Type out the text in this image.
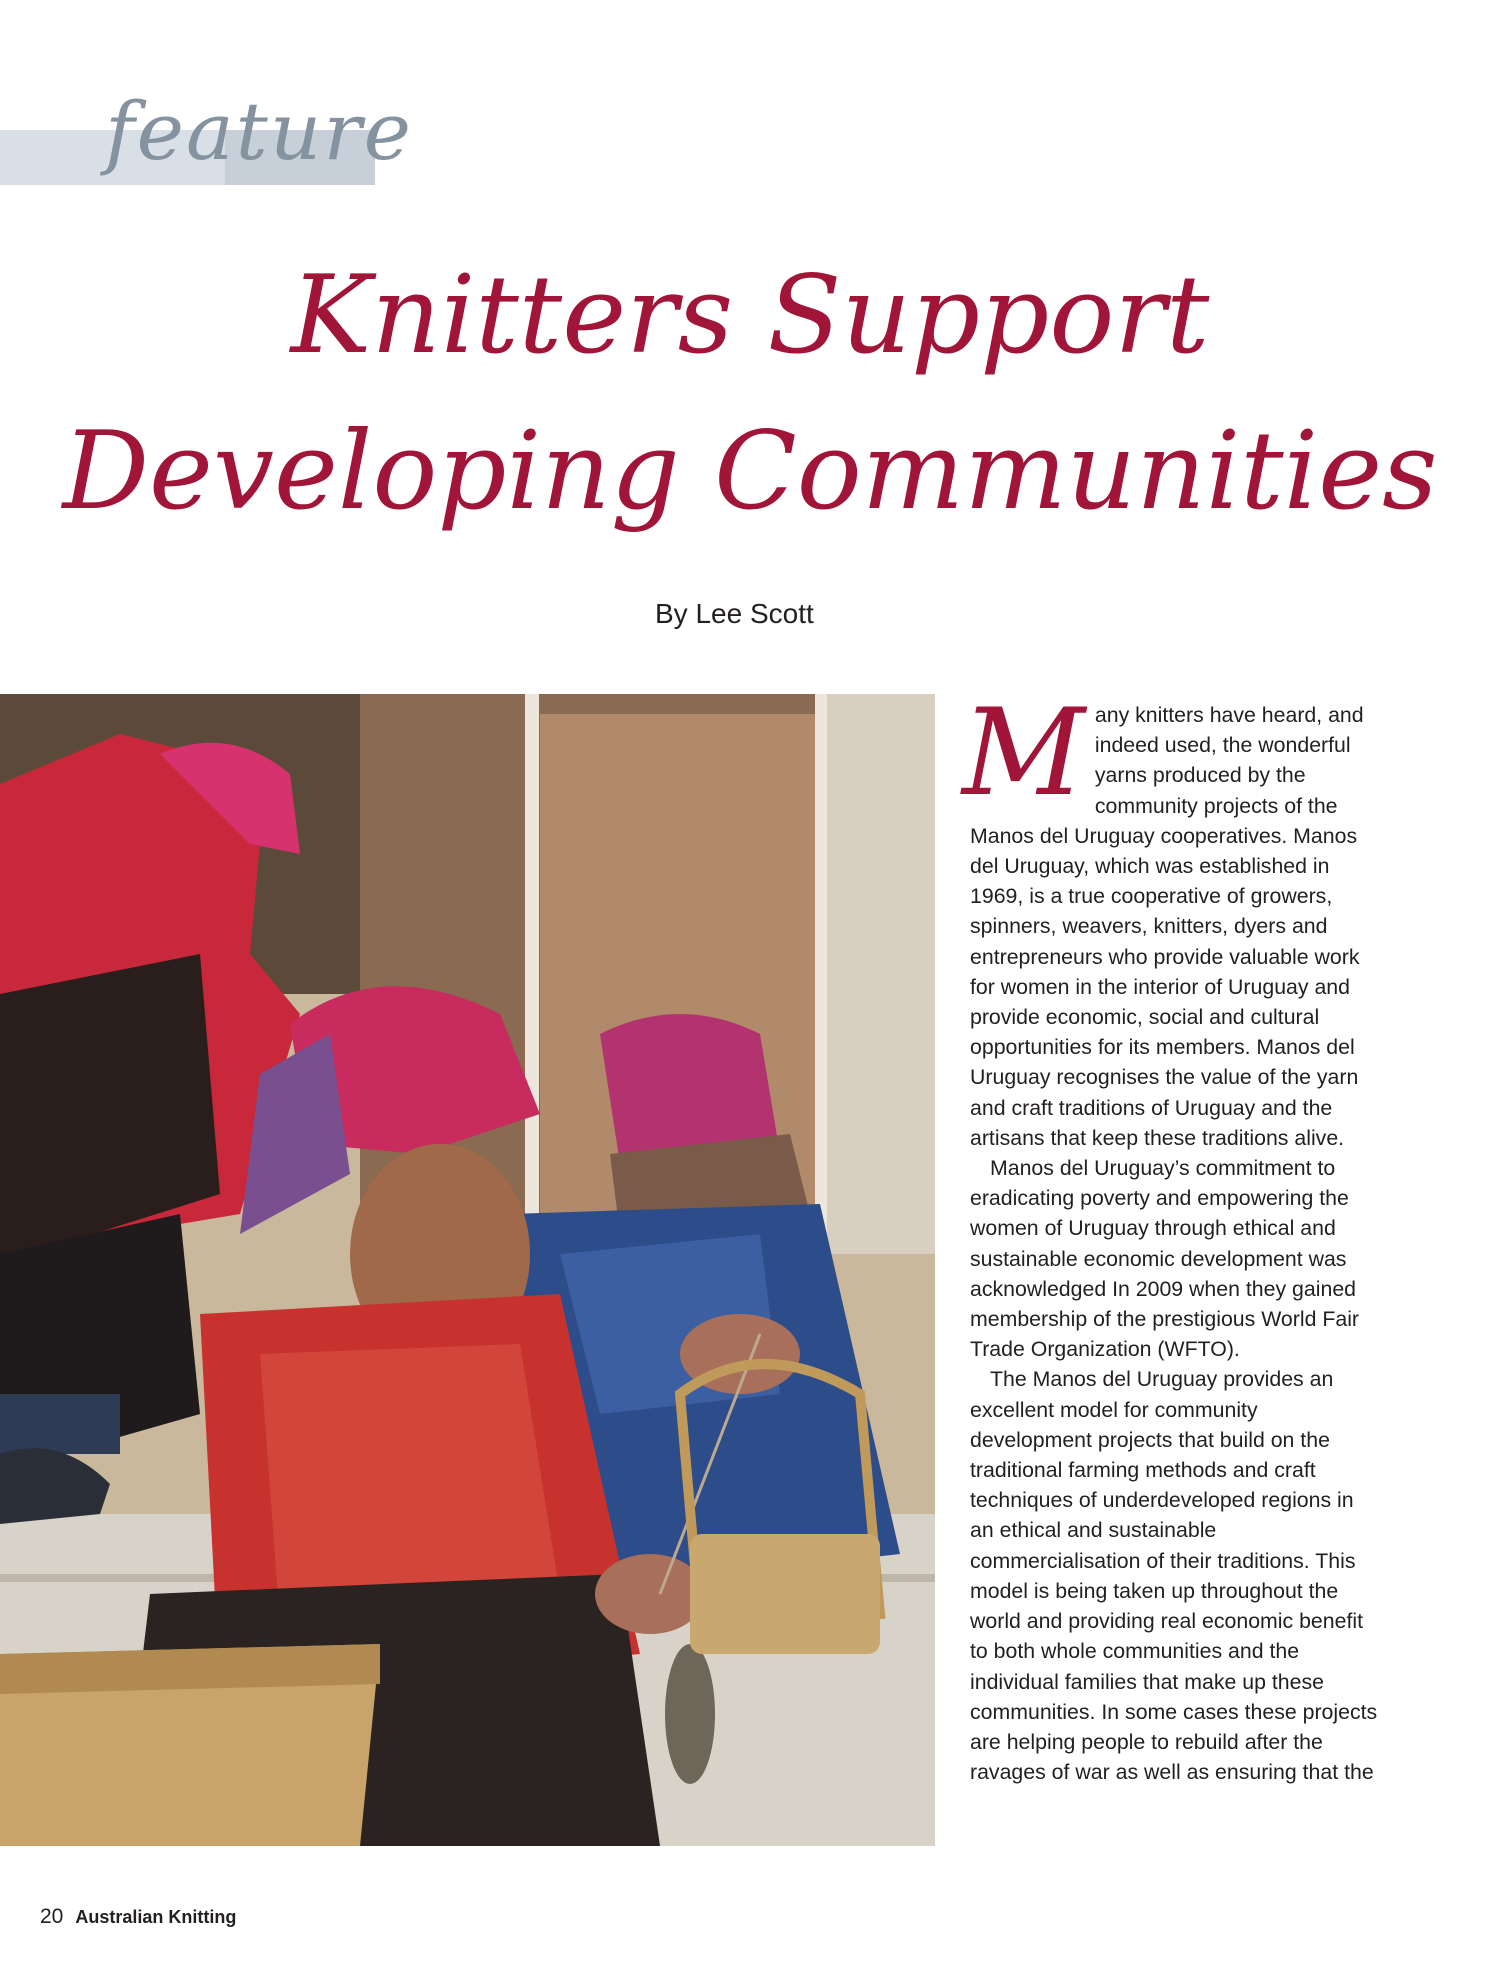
feature
Knitters Support
Developing Communities
By Lee Scott

Many knitters have heard, and indeed used, the wonderful yarns produced by the community projects of the Manos del Uruguay cooperatives. Manos del Uruguay, which was established in 1969, is a true cooperative of growers, spinners, weavers, knitters, dyers and entrepreneurs who provide valuable work for women in the interior of Uruguay and provide economic, social and cultural opportunities for its members. Manos del Uruguay recognises the value of the yarn and craft traditions of Uruguay and the artisans that keep these traditions alive.

Manos del Uruguay’s commitment to eradicating poverty and empowering the women of Uruguay through ethical and sustainable economic development was acknowledged In 2009 when they gained membership of the prestigious World Fair Trade Organization (WFTO).

The Manos del Uruguay provides an excellent model for community development projects that build on the traditional farming methods and craft techniques of underdeveloped regions in an ethical and sustainable commercialisation of their traditions. This model is being taken up throughout the world and providing real economic benefit to both whole communities and the individual families that make up these communities. In some cases these projects are helping people to rebuild after the ravages of war as well as ensuring that the

20 Australian Knitting
